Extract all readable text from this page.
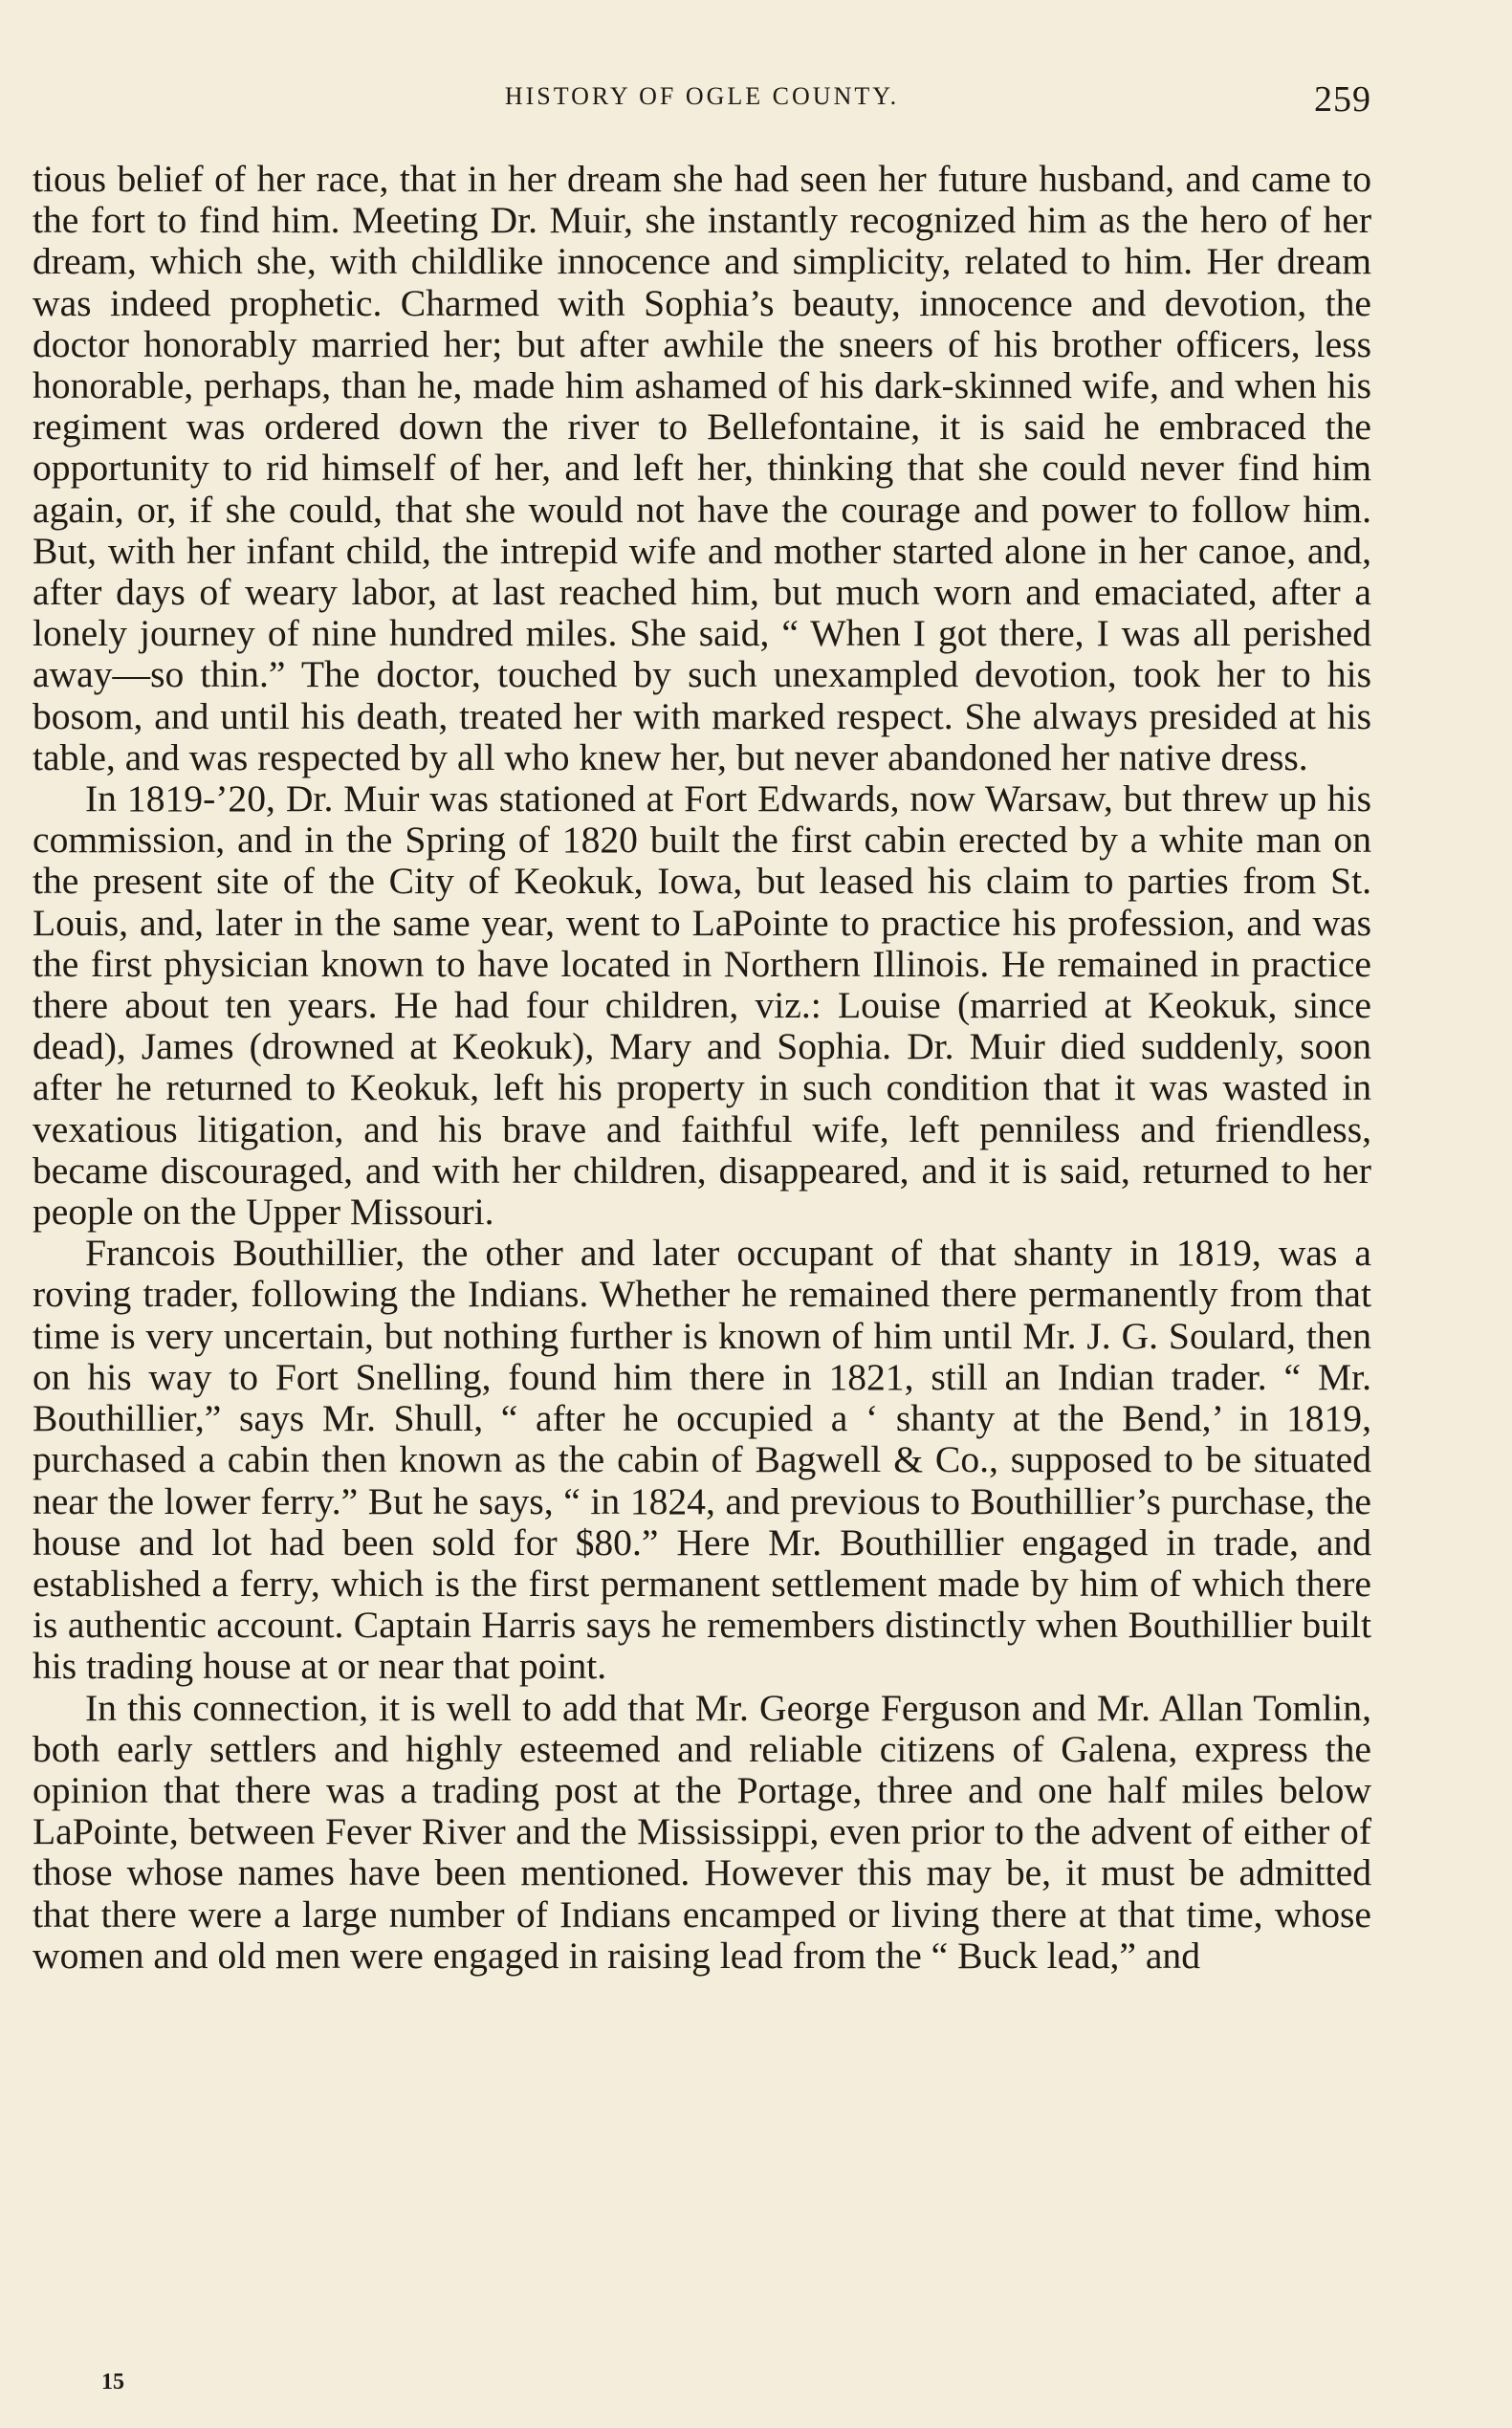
HISTORY OF OGLE COUNTY.	259

tious belief of her race, that in her dream she had seen her future husband, and came to the fort to find him. Meeting Dr. Muir, she instantly recognized him as the hero of her dream, which she, with childlike innocence and simplicity, related to him. Her dream was indeed prophetic. Charmed with Sophia’s beauty, innocence and devotion, the doctor honorably married her; but after awhile the sneers of his brother officers, less honorable, perhaps, than he, made him ashamed of his dark-skinned wife, and when his regiment was ordered down the river to Bellefontaine, it is said he embraced the opportunity to rid himself of her, and left her, thinking that she could never find him again, or, if she could, that she would not have the courage and power to follow him. But, with her infant child, the intrepid wife and mother started alone in her canoe, and, after days of weary labor, at last reached him, but much worn and emaciated, after a lonely journey of nine hundred miles. She said, “ When I got there, I was all perished away—so thin.” The doctor, touched by such unexampled devotion, took her to his bosom, and until his death, treated her with marked respect. She always presided at his table, and was respected by all who knew her, but never abandoned her native dress.

In 1819-’20, Dr. Muir was stationed at Fort Edwards, now Warsaw, but threw up his commission, and in the Spring of 1820 built the first cabin erected by a white man on the present site of the City of Keokuk, Iowa, but leased his claim to parties from St. Louis, and, later in the same year, went to LaPointe to practice his profession, and was the first physician known to have located in Northern Illinois. He remained in practice there about ten years. He had four children, viz.: Louise (married at Keokuk, since dead), James (drowned at Keokuk), Mary and Sophia. Dr. Muir died suddenly, soon after he returned to Keokuk, left his property in such condition that it was wasted in vexatious litigation, and his brave and faithful wife, left penniless and friendless, became discouraged, and with her children, disappeared, and it is said, returned to her people on the Upper Missouri.

Francois Bouthillier, the other and later occupant of that shanty in 1819, was a roving trader, following the Indians. Whether he remained there permanently from that time is very uncertain, but nothing further is known of him until Mr. J. G. Soulard, then on his way to Fort Snelling, found him there in 1821, still an Indian trader. “ Mr. Bouthillier,” says Mr. Shull, “ after he occupied a ‘ shanty at the Bend,’ in 1819, purchased a cabin then known as the cabin of Bagwell & Co., supposed to be situated near the lower ferry.” But he says, “ in 1824, and previous to Bouthillier’s purchase, the house and lot had been sold for $80.” Here Mr. Bouthillier engaged in trade, and established a ferry, which is the first permanent settlement made by him of which there is authentic account. Captain Harris says he remembers distinctly when Bouthillier built his trading house at or near that point.

In this connection, it is well to add that Mr. George Ferguson and Mr. Allan Tomlin, both early settlers and highly esteemed and reliable citizens of Galena, express the opinion that there was a trading post at the Portage, three and one half miles below LaPointe, between Fever River and the Mississippi, even prior to the advent of either of those whose names have been mentioned. However this may be, it must be admitted that there were a large number of Indians encamped or living there at that time, whose women and old men were engaged in raising lead from the “ Buck lead,” and

15
